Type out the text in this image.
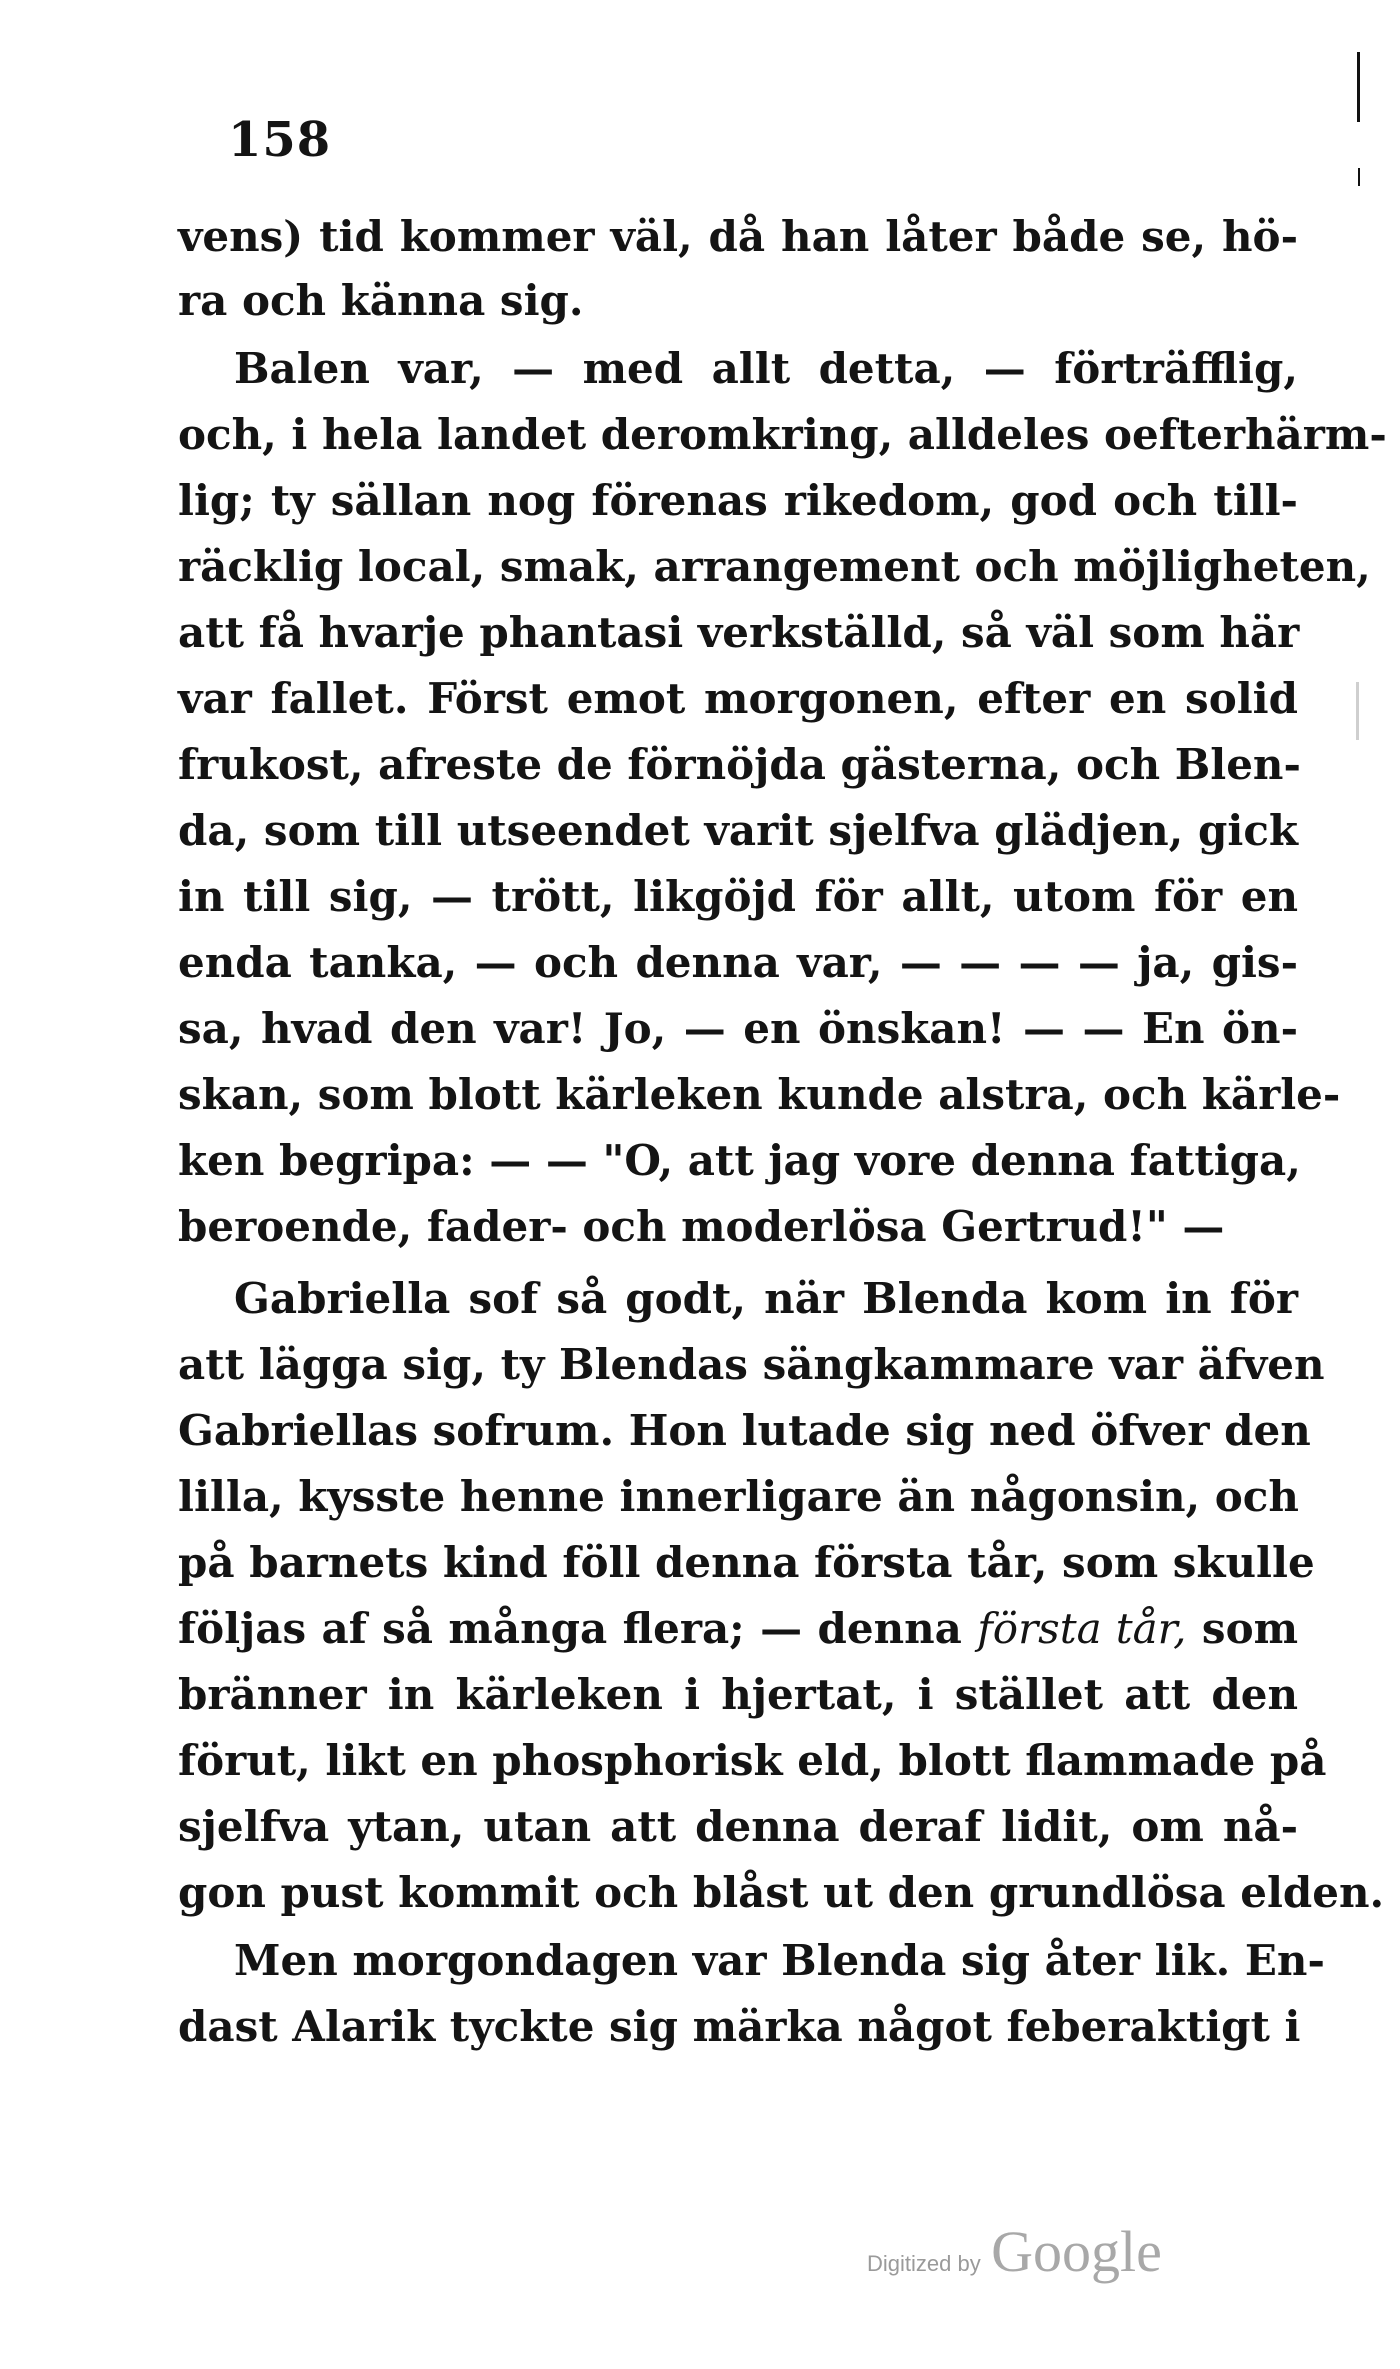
158
vens) tid kommer väl, då han låter både se, hö-
ra och känna sig.
Balen var, — med allt detta, — förträfflig,
och, i hela landet deromkring, alldeles oefterhärm-
lig; ty sällan nog förenas rikedom, god och till-
räcklig local, smak, arrangement och möjligheten,
att få hvarje phantasi verkställd, så väl som här
var fallet. Först emot morgonen, efter en solid
frukost, afreste de förnöjda gästerna, och Blen-
da, som till utseendet varit sjelfva glädjen, gick
in till sig, — trött, likgöjd för allt, utom för en
enda tanka, — och denna var, — — — — ja, gis-
sa, hvad den var! Jo, — en önskan! — — En ön-
skan, som blott kärleken kunde alstra, och kärle-
ken begripa: — — "O, att jag vore denna fattiga,
beroende, fader- och moderlösa Gertrud!" —
Gabriella sof så godt, när Blenda kom in för
att lägga sig, ty Blendas sängkammare var äfven
Gabriellas sofrum. Hon lutade sig ned öfver den
lilla, kysste henne innerligare än någonsin, och
på barnets kind föll denna första tår, som skulle
följas af så många flera; — denna första tår, som
bränner in kärleken i hjertat, i stället att den
förut, likt en phosphorisk eld, blott flammade på
sjelfva ytan, utan att denna deraf lidit, om nå-
gon pust kommit och blåst ut den grundlösa elden.
Men morgondagen var Blenda sig åter lik. En-
dast Alarik tyckte sig märka något feberaktigt i
Digitized by Google
